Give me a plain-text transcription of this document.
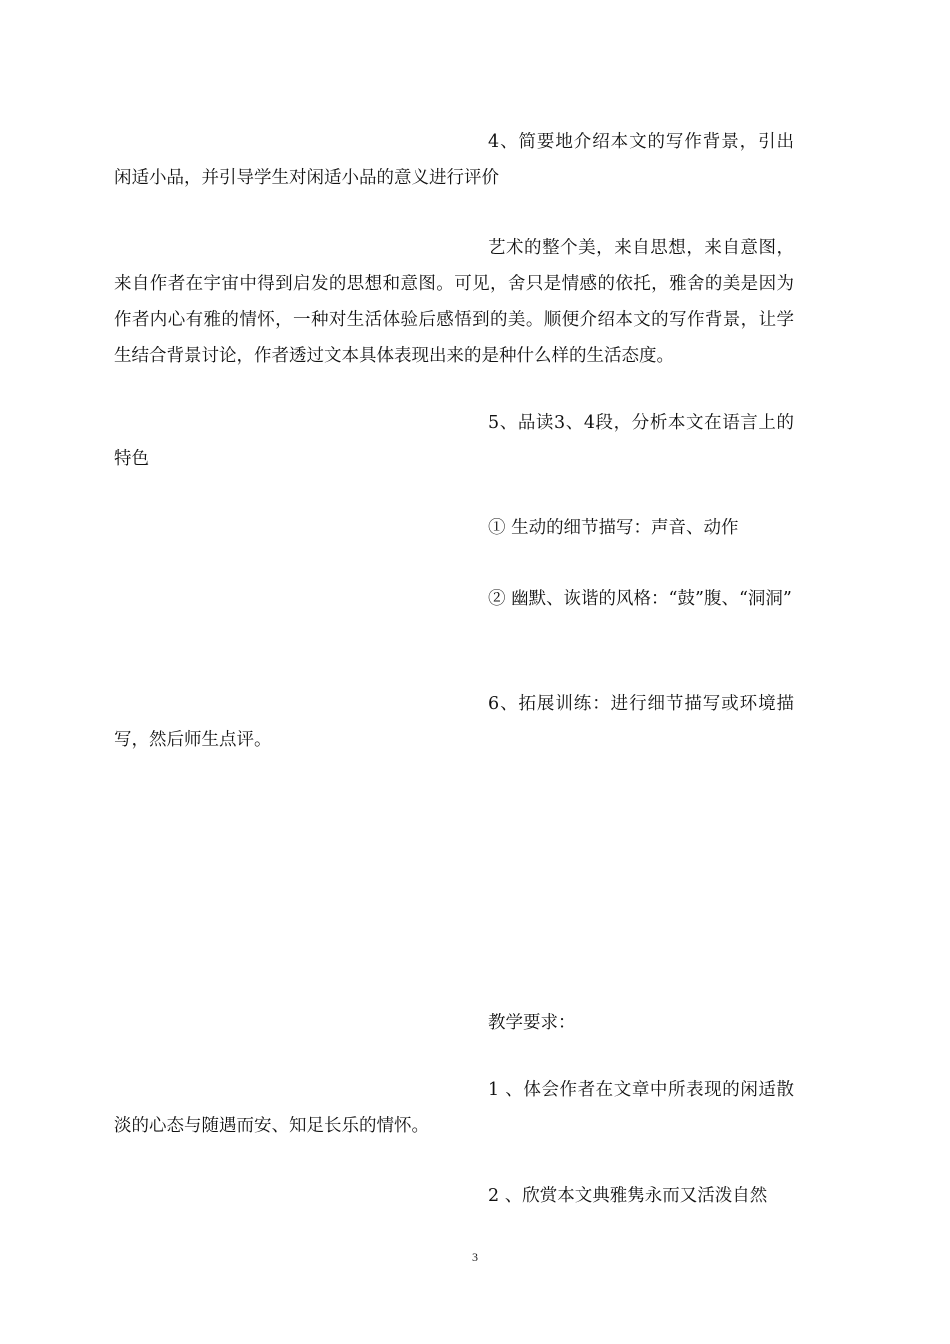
4、简要地介绍本文的写作背景，引出闲适小品，并引导学生对闲适小品的意义进行评价

艺术的整个美，来自思想，来自意图，来自作者在宇宙中得到启发的思想和意图。可见，舍只是情感的依托，雅舍的美是因为作者内心有雅的情怀，一种对生活体验后感悟到的美。顺便介绍本文的写作背景，让学生结合背景讨论，作者透过文本具体表现出来的是种什么样的生活态度。

5、品读3、4段，分析本文在语言上的特色

① 生动的细节描写：声音、动作

② 幽默、诙谐的风格：“鼓”腹、“洞洞”

6、拓展训练：进行细节描写或环境描写，然后师生点评。

教学要求：

1 、体会作者在文章中所表现的闲适散淡的心态与随遇而安、知足长乐的情怀。

2 、欣赏本文典雅隽永而又活泼自然

3
